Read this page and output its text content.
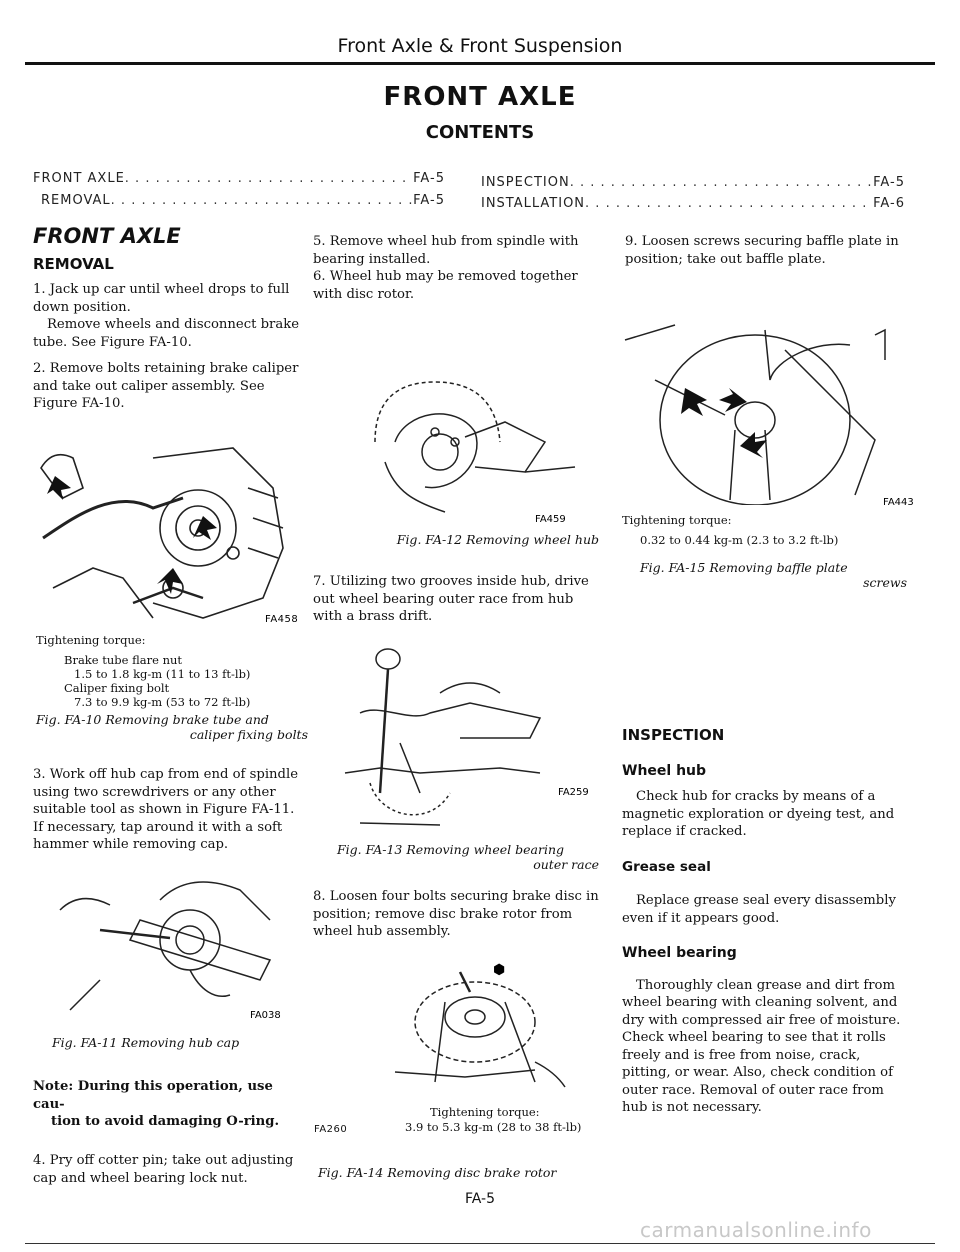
Front Axle & Front Suspension
FRONT AXLE
CONTENTS
FRONT AXLE . . .	FA-5
REMOVAL . . .	FA-5
INSPECTION . . .	FA-5
INSTALLATION . . .	FA-6
FRONT AXLE
REMOVAL

1. Jack up car until wheel drops to full down position.

Remove wheels and disconnect brake tube. See Figure FA-10.

2. Remove bolts retaining brake caliper and take out caliper assembly. See Figure FA-10.

FA458
Tightening torque:
Brake tube flare nut
1.5 to 1.8 kg-m (11 to 13 ft-lb)
Caliper fixing bolt
7.3 to 9.9 kg-m (53 to 72 ft-lb)
Fig. FA-10 Removing brake tube and
caliper fixing bolts

3. Work off hub cap from end of spindle using two screwdrivers or any other suitable tool as shown in Figure FA-11. If necessary, tap around it with a soft hammer while removing cap.

FA038
Fig. FA-11 Removing hub cap
Note: During this operation, use cau-
tion to avoid damaging O-ring.

4. Pry off cotter pin; take out adjusting cap and wheel bearing lock nut.

5. Remove wheel hub from spindle with bearing installed.

6. Wheel hub may be removed together with disc rotor.

FA459
Fig. FA-12 Removing wheel hub

7. Utilizing two grooves inside hub, drive out wheel bearing outer race from hub with a brass drift.

FA259
Fig. FA-13 Removing wheel bearing
outer race

8. Loosen four bolts securing brake disc in position; remove disc brake rotor from wheel hub assembly.

⬢
Tightening torque:
FA260	3.9 to 5.3 kg-m (28 to 38 ft-lb)
Fig. FA-14 Removing disc brake rotor
FA-5

9. Loosen screws securing baffle plate in position; take out baffle plate.

FA443
Tightening torque:
0.32 to 0.44 kg-m (2.3 to 3.2 ft-lb)
Fig. FA-15 Removing baffle plate
screws
INSPECTION
Wheel hub

Check hub for cracks by means of a magnetic exploration or dyeing test, and replace if cracked.

Grease seal

Replace grease seal every disassembly even if it appears good.

Wheel bearing

Thoroughly clean grease and dirt from wheel bearing with cleaning solvent, and dry with compressed air free of moisture. Check wheel bearing to see that it rolls freely and is free from noise, crack, pitting, or wear. Also, check condition of outer race. Removal of outer race from hub is not necessary.

carmanualsonline.info
